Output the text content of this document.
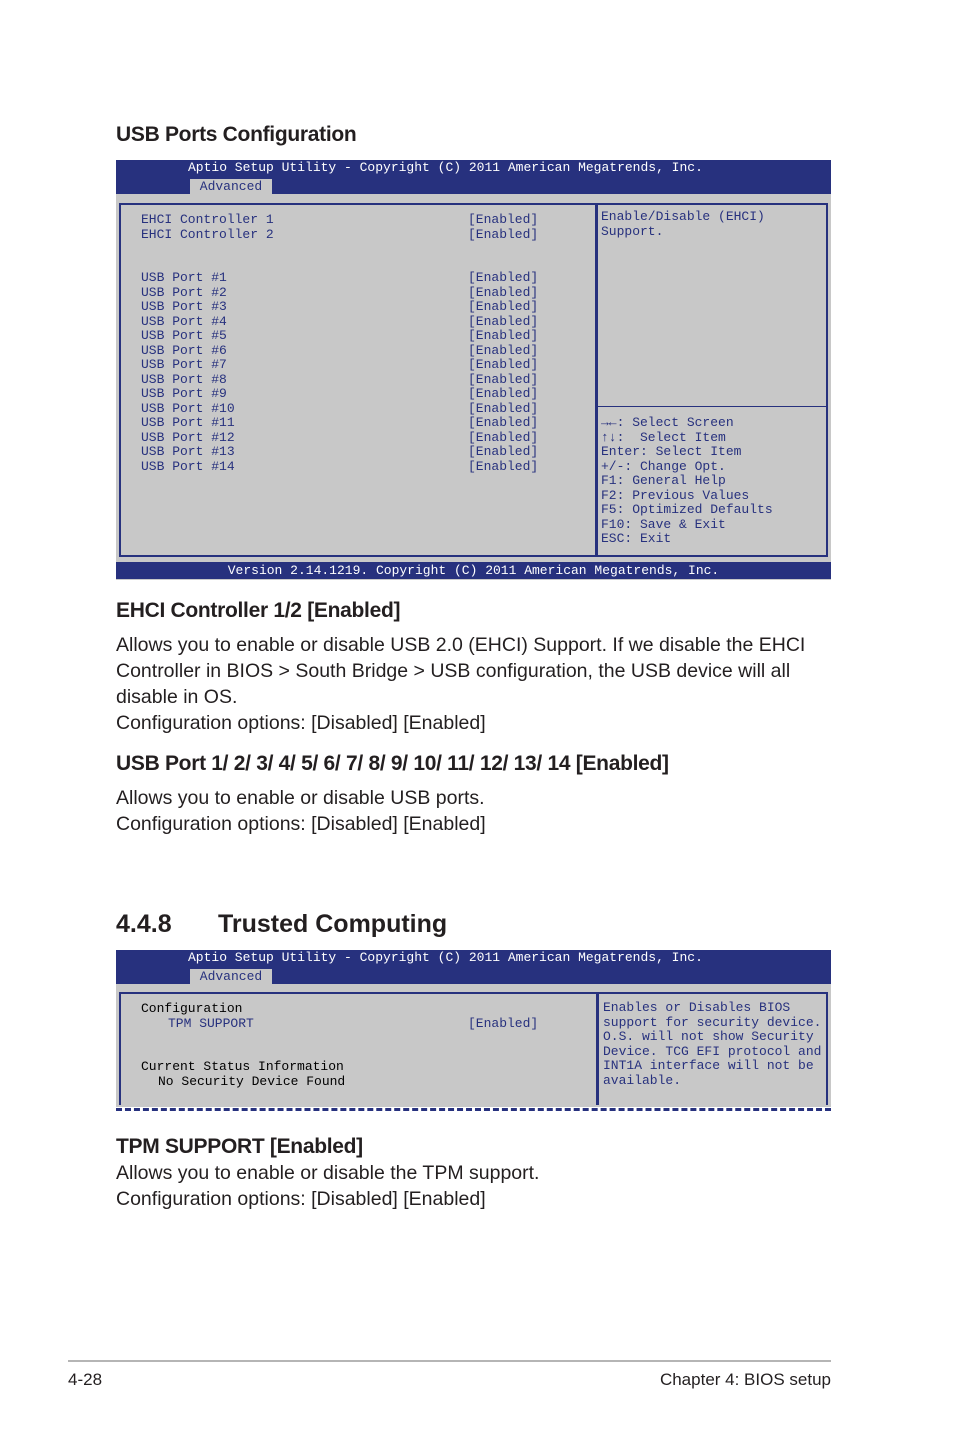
USB Ports Configuration
Aptio Setup Utility - Copyright (C) 2011 American Megatrends, Inc.
Advanced
EHCI Controller 1	[Enabled]
EHCI Controller 2	[Enabled]
USB Port #1	[Enabled]
USB Port #2	[Enabled]
USB Port #3	[Enabled]
USB Port #4	[Enabled]
USB Port #5	[Enabled]
USB Port #6	[Enabled]
USB Port #7	[Enabled]
USB Port #8	[Enabled]
USB Port #9	[Enabled]
USB Port #10	[Enabled]
USB Port #11	[Enabled]
USB Port #12	[Enabled]
USB Port #13	[Enabled]
USB Port #14	[Enabled]
Enable/Disable (EHCI)
Support.
→←: Select Screen
↑↓:  Select Item
Enter: Select Item
+/-: Change Opt.
F1: General Help
F2: Previous Values
F5: Optimized Defaults
F10: Save & Exit
ESC: Exit
Version 2.14.1219. Copyright (C) 2011 American Megatrends, Inc.
EHCI Controller 1/2 [Enabled]
Allows you to enable or disable USB 2.0 (EHCI) Support. If we disable the EHCI
Controller in BIOS > South Bridge > USB configuration, the USB device will all
disable in OS.
Configuration options: [Disabled] [Enabled]
USB Port 1/ 2/ 3/ 4/ 5/ 6/ 7/ 8/ 9/ 10/ 11/ 12/ 13/ 14 [Enabled]
Allows you to enable or disable USB ports.
Configuration options: [Disabled] [Enabled]
4.4.8 Trusted Computing
Aptio Setup Utility - Copyright (C) 2011 American Megatrends, Inc.
Advanced
Configuration
TPM SUPPORT	[Enabled]
Current Status Information
No Security Device Found
Enables or Disables BIOS
support for security device.
O.S. will not show Security
Device. TCG EFI protocol and
INT1A interface will not be
available.
TPM SUPPORT [Enabled]
Allows you to enable or disable the TPM support.
Configuration options: [Disabled] [Enabled]
4-28	Chapter 4: BIOS setup
